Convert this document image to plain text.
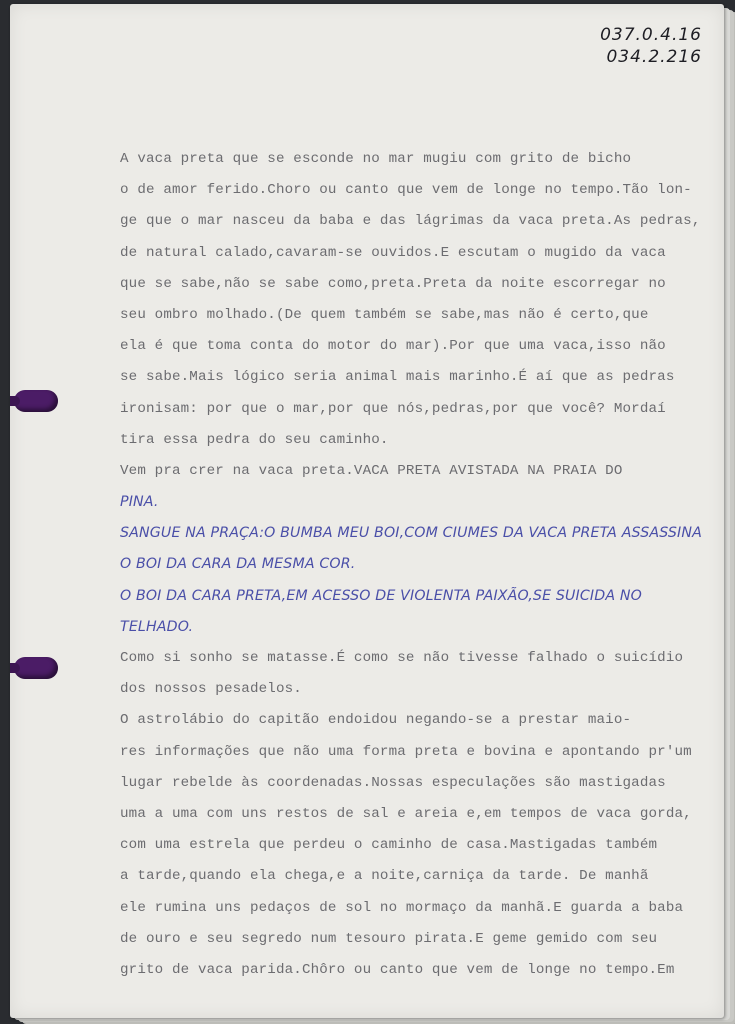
037.0.4.16
034.2.216
A vaca preta que se esconde no mar mugiu com grito de bicho
o de amor ferido.Choro ou canto que vem de longe no tempo.Tão lon-
ge que o mar nasceu da baba e das lágrimas da vaca preta.As pedras,
de natural calado,cavaram-se ouvidos.E escutam o mugido da vaca
que se sabe,não se sabe como,preta.Preta da noite escorregar no
seu ombro molhado.(De quem também se sabe,mas não é certo,que
ela é que toma conta do motor do mar).Por que uma vaca,isso não
se sabe.Mais lógico seria animal mais marinho.É aí que as pedras
ironisam: por que o mar,por que nós,pedras,por que você? Mordaí
tira essa pedra do seu caminho.
Vem pra crer na vaca preta.VACA PRETA AVISTADA NA PRAIA DO
PINA.
SANGUE NA PRAÇA:O BUMBA MEU BOI,COM CIUMES DA VACA PRETA ASSASSINA
O BOI DA CARA DA MESMA COR.
O BOI DA CARA PRETA,EM ACESSO DE VIOLENTA PAIXÃO,SE SUICIDA NO
TELHADO.
Como si sonho se matasse.É como se não tivesse falhado o suicídio
dos nossos pesadelos.
O astrolábio do capitão endoidou negando-se a prestar maio-
res informações que não uma forma preta e bovina e apontando pr'um
lugar rebelde às coordenadas.Nossas especulações são mastigadas
uma a uma com uns restos de sal e areia e,em tempos de vaca gorda,
com uma estrela que perdeu o caminho de casa.Mastigadas também
a tarde,quando ela chega,e a noite,carniça da tarde. De manhã
ele rumina uns pedaços de sol no mormaço da manhã.E guarda a baba
de ouro e seu segredo num tesouro pirata.E geme gemido com seu
grito de vaca parida.Chôro ou canto que vem de longe no tempo.Em
